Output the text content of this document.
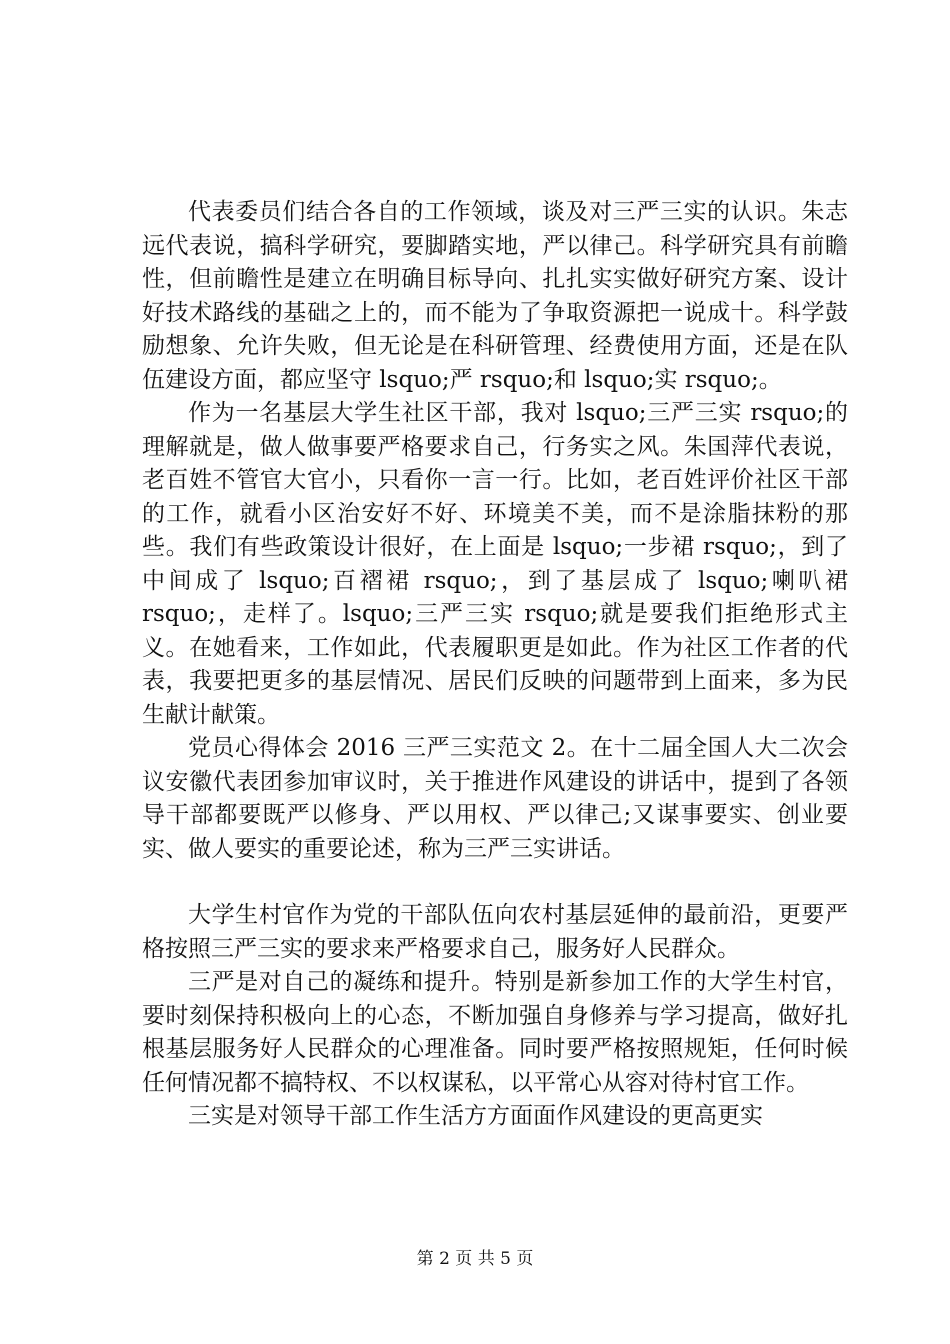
代表委员们结合各自的工作领域，谈及对三严三实的认识。朱志远代表说，搞科学研究，要脚踏实地，严以律己。科学研究具有前瞻性，但前瞻性是建立在明确目标导向、扎扎实实做好研究方案、设计好技术路线的基础之上的，而不能为了争取资源把一说成十。科学鼓励想象、允许失败，但无论是在科研管理、经费使用方面，还是在队伍建设方面，都应坚守 lsquo;严 rsquo;和 lsquo;实 rsquo;。

作为一名基层大学生社区干部，我对 lsquo;三严三实 rsquo;的理解就是，做人做事要严格要求自己，行务实之风。朱国萍代表说，老百姓不管官大官小，只看你一言一行。比如，老百姓评价社区干部的工作，就看小区治安好不好、环境美不美，而不是涂脂抹粉的那些。我们有些政策设计很好，在上面是 lsquo;一步裙 rsquo;，到了中间成了 lsquo;百褶裙 rsquo;，到了基层成了 lsquo;喇叭裙 rsquo;，走样了。lsquo;三严三实 rsquo;就是要我们拒绝形式主义。在她看来，工作如此，代表履职更是如此。作为社区工作者的代表，我要把更多的基层情况、居民们反映的问题带到上面来，多为民生献计献策。

党员心得体会 2016 三严三实范文 2。在十二届全国人大二次会议安徽代表团参加审议时，关于推进作风建设的讲话中，提到了各领导干部都要既严以修身、严以用权、严以律己;又谋事要实、创业要实、做人要实的重要论述，称为三严三实讲话。

大学生村官作为党的干部队伍向农村基层延伸的最前沿，更要严格按照三严三实的要求来严格要求自己，服务好人民群众。

三严是对自己的凝练和提升。特别是新参加工作的大学生村官，要时刻保持积极向上的心态，不断加强自身修养与学习提高，做好扎根基层服务好人民群众的心理准备。同时要严格按照规矩，任何时候任何情况都不搞特权、不以权谋私，以平常心从容对待村官工作。

三实是对领导干部工作生活方方面面作风建设的更高更实

第 2 页 共 5 页
